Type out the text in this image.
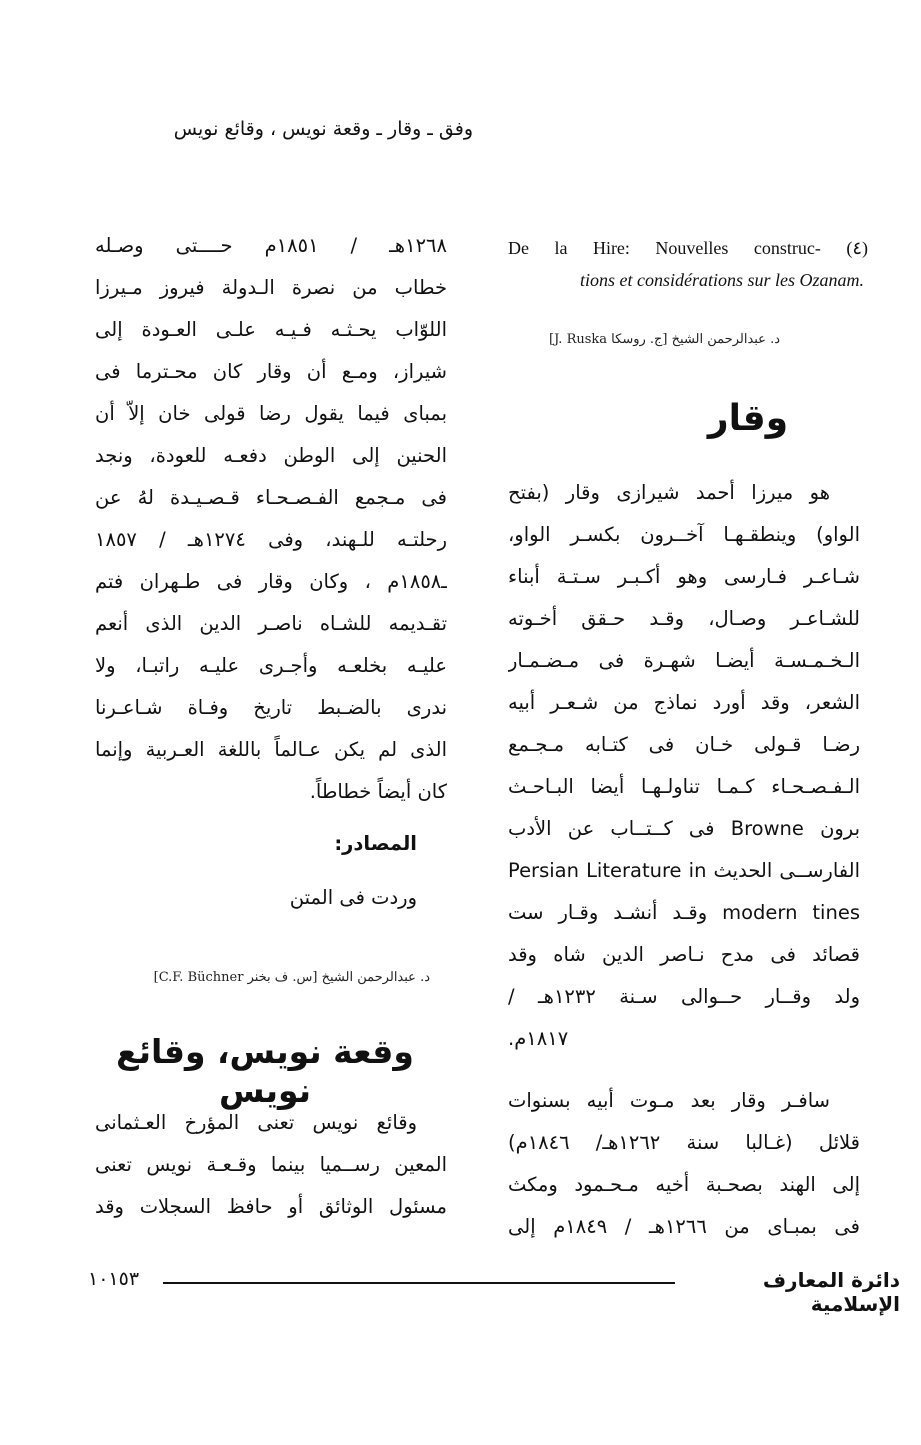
وفق ـ وقار ـ وقعة نويس ، وقائع نويس
De la Hire: Nouvelles construc- (٤)
tions et considérations sur les Ozanam.
د. عبدالرحمن الشيخ [ج. روسكا J. Ruska]
وقار
هو ميرزا أحمد شيرازى وقار (بفتح
الواو) وينطقـهـا آخــرون بكسـر الواو،
شـاعـر فـارسى وهو أكـبـر سـتـة أبناء
للشـاعـر وصـال، وقـد حـقق أخـوته
الـخـمـسـة أيضـا شهـرة فى مـضـمـار
الشعر، وقد أورد نماذج من شـعـر أبيه
رضـا قـولى خـان فى كتـابه مـجـمع
الـفـصـحـاء كـمـا تناولـهـا أيضا البـاحـث
برون Browne فى كــتــاب عن الأدب
الفارســى الحديث Persian Literature in
modern tines وقـد أنشـد وقـار ست
قصائد فى مدح نـاصر الدين شاه وقد
ولد وقــار حــوالى سـنة ١٢٣٢هـ /
١٨١٧م.
سافـر وقار بعد مـوت أبيه بسنوات
قلائل (غـالبا سنة ١٢٦٢هـ/ ١٨٤٦م)
إلى الهند بصحـبة أخيه مـحـمود ومكث
فى بمبـاى من ١٢٦٦هـ / ١٨٤٩م إلى
١٢٦٨هـ / ١٨٥١م حــــتى وصـله
خطاب من نصرة الـدولة فيروز مـيرزا
اللوّاب يحـثـه فـيـه علـى العـودة إلى
شيراز، ومـع أن وقار كان محـترما فى
بمباى فيما يقول رضا قولى خان إلاّ أن
الحنين إلى الوطن دفعـه للعودة، ونجد
فى مـجمع الفـصـحـاء قـصـيـدة لهُ عن
رحلتـه للـهند، وفى ١٢٧٤هـ / ١٨٥٧
ـ١٨٥٨م ، وكان وقار فى طـهران فتم
تقـديمه للشـاه ناصـر الدين الذى أنعم
عليـه بخلعـه وأجـرى عليـه راتبـا، ولا
ندرى بالضـبط تاريخ وفـاة شـاعـرنا
الذى لم يكن عـالماً باللغة العـربية وإنما
كان أيضاً خطاطاً.
المصادر:
وردت فى المتن
د. عبدالرحمن الشيخ [س. ف بخنر C.F. Büchner]
وقعة نويس، وقائع نويس
وقائع نويس تعنى المؤرخ العـثمانى
المعين رســميا بينما وقـعـة نويس تعنى
مسئول الوثائق أو حافظ السجلات وقد
دائرة المعارف الإسلامية
١٠١٥٣
